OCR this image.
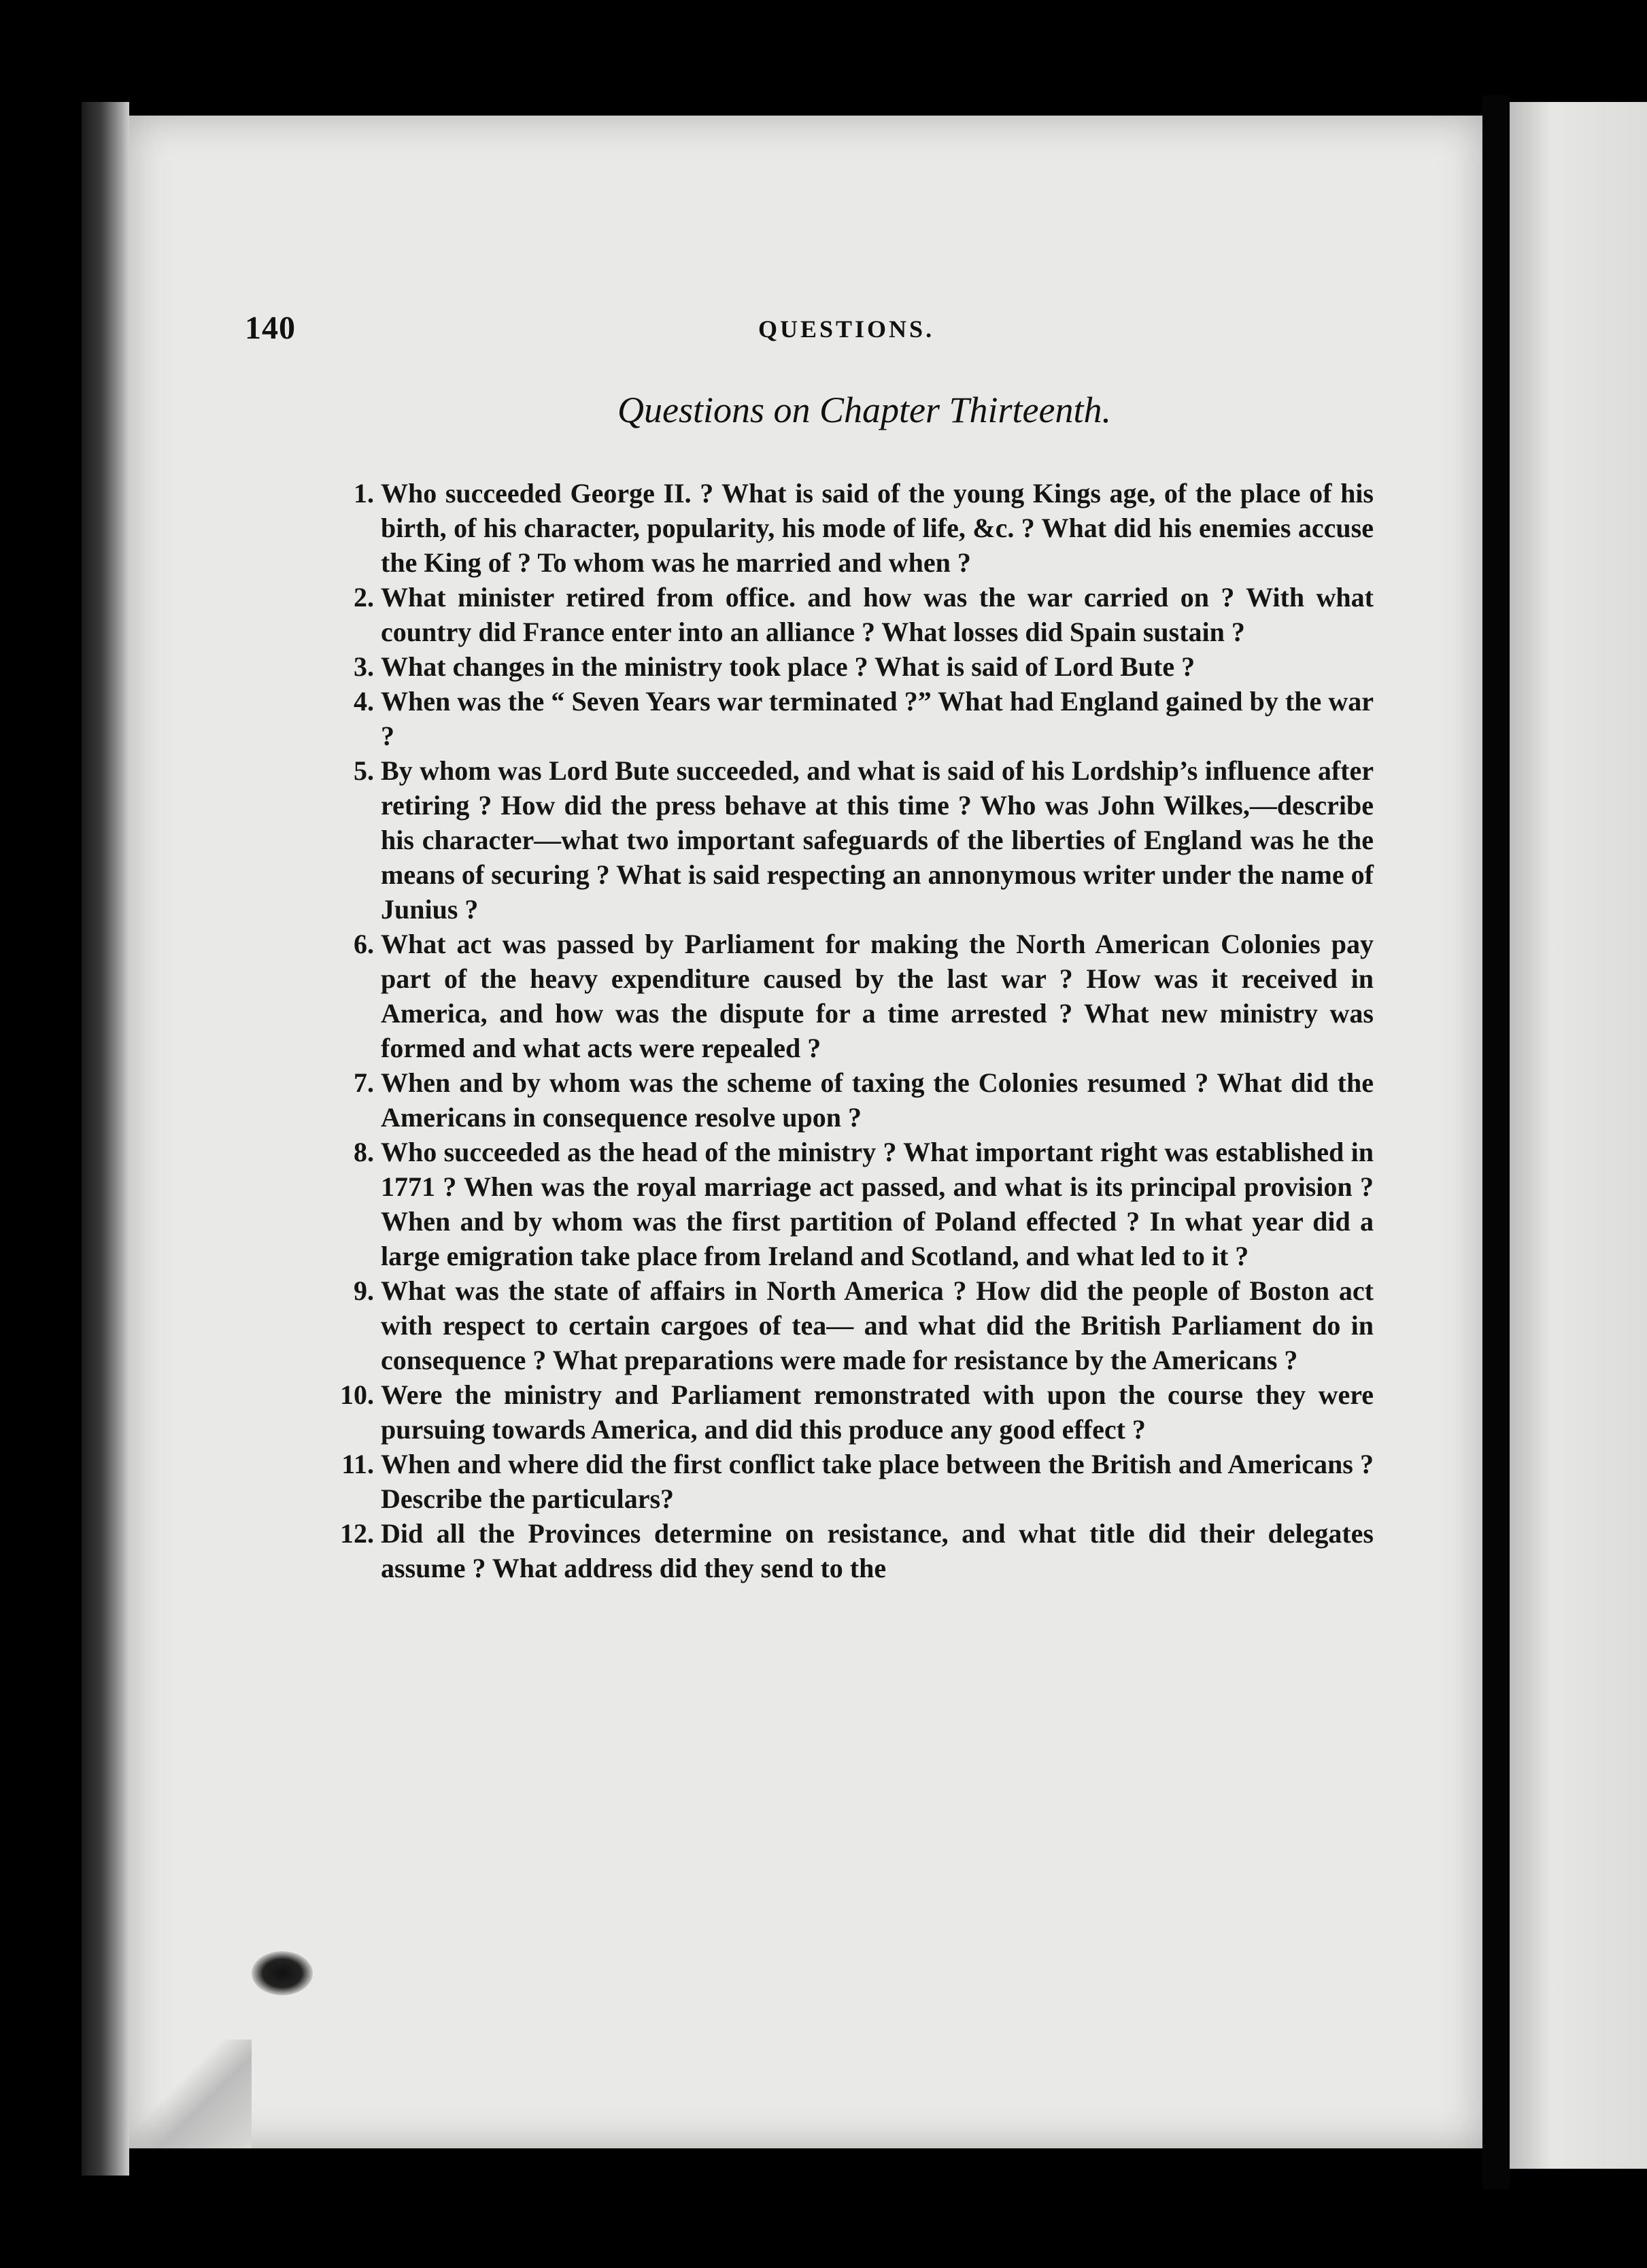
140	QUESTIONS.
Questions on Chapter Thirteenth.
1. Who succeeded George II. ? What is said of the young Kings age, of the place of his birth, of his character, popularity, his mode of life, &c. ? What did his enemies accuse the King of ? To whom was he married and when ?
2. What minister retired from office. and how was the war carried on ? With what country did France enter into an alliance ? What losses did Spain sustain ?
3. What changes in the ministry took place ? What is said of Lord Bute ?
4. When was the “ Seven Years war terminated ?” What had England gained by the war ?
5. By whom was Lord Bute succeeded, and what is said of his Lordship’s influence after retiring ? How did the press behave at this time ? Who was John Wilkes,—describe his character—what two important safeguards of the liberties of England was he the means of securing ? What is said respecting an annonymous writer under the name of Junius ?
6. What act was passed by Parliament for making the North American Colonies pay part of the heavy expenditure caused by the last war ? How was it received in America, and how was the dispute for a time arrested ? What new ministry was formed and what acts were repealed ?
7. When and by whom was the scheme of taxing the Colonies resumed ? What did the Americans in consequence resolve upon ?
8. Who succeeded as the head of the ministry ? What important right was established in 1771 ? When was the royal marriage act passed, and what is its principal provision ? When and by whom was the first partition of Poland effected ? In what year did a large emigration take place from Ireland and Scotland, and what led to it ?
9. What was the state of affairs in North America ? How did the people of Boston act with respect to certain cargoes of tea— and what did the British Parliament do in consequence ? What preparations were made for resistance by the Americans ?
10. Were the ministry and Parliament remonstrated with upon the course they were pursuing towards America, and did this produce any good effect ?
11. When and where did the first conflict take place between the British and Americans ? Describe the particulars?
12. Did all the Provinces determine on resistance, and what title did their delegates assume ? What address did they send to the
